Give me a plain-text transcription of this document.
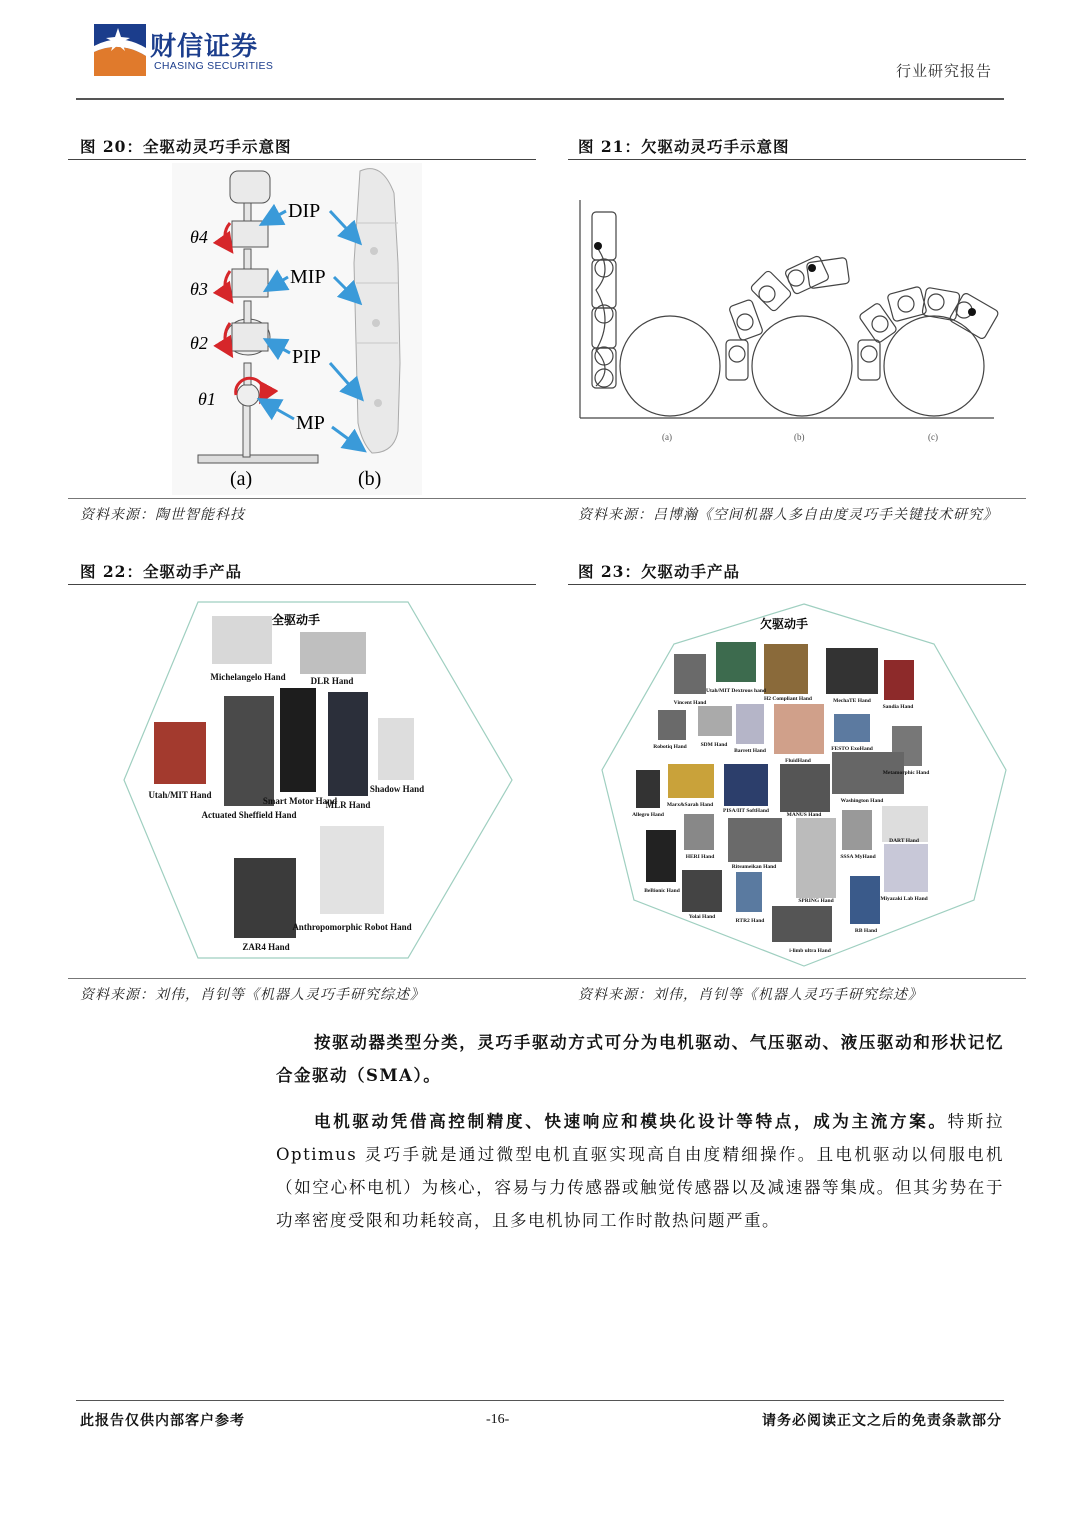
财信证券
CHASING SECURITIES	行业研究报告
图 20：全驱动灵巧手示意图
θ4
θ3
θ2
θ1
DIP
MIP
PIP
MP
(a)	(b)
图 21：欠驱动灵巧手示意图
(a)	(b)	(c)
资料来源：陶世智能科技	资料来源：吕博瀚《空间机器人多自由度灵巧手关键技术研究》
图 22：全驱动手产品
全驱动手
Michelangelo Hand	DLR Hand
Utah/MIT Hand
Actuated Sheffield Hand
Smart Motor Hand
MLR Hand
Shadow Hand
ZAR4 Hand
Anthropomorphic Robot Hand
图 23：欠驱动手产品
欠驱动手
Vincent Hand
Utah/MIT Dextrous hand
H2 Compliant Hand	MechaTE Hand
Sandia Hand
Robotiq Hand	SDM Hand
Barrett Hand
FluidHand
FESTO ExoHand
Metamorphic Hand
Allegro Hand
Marx&Sarah Hand
PISA/IIT SoftHand
MANUS Hand
Washington Hand
HERI Hand
Ritsumeikan Hand
SSSA MyHand
DART Hand
BeBionic Hand
Yolai Hand
RTR2 Hand
SPRING Hand
i-limb ultra Hand
RB Hand
Miyazaki Lab Hand
资料来源：刘伟，肖钊等《机器人灵巧手研究综述》	资料来源：刘伟，肖钊等《机器人灵巧手研究综述》
按驱动器类型分类，灵巧手驱动方式可分为电机驱动、气压驱动、液压驱动和形状记忆合金驱动（SMA）。
电机驱动凭借高控制精度、快速响应和模块化设计等特点，成为主流方案。特斯拉 Optimus 灵巧手就是通过微型电机直驱实现高自由度精细操作。且电机驱动以伺服电机（如空心杯电机）为核心，容易与力传感器或触觉传感器以及减速器等集成。但其劣势在于功率密度受限和功耗较高，且多电机协同工作时散热问题严重。
此报告仅供内部客户参考	-16-	请务必阅读正文之后的免责条款部分
